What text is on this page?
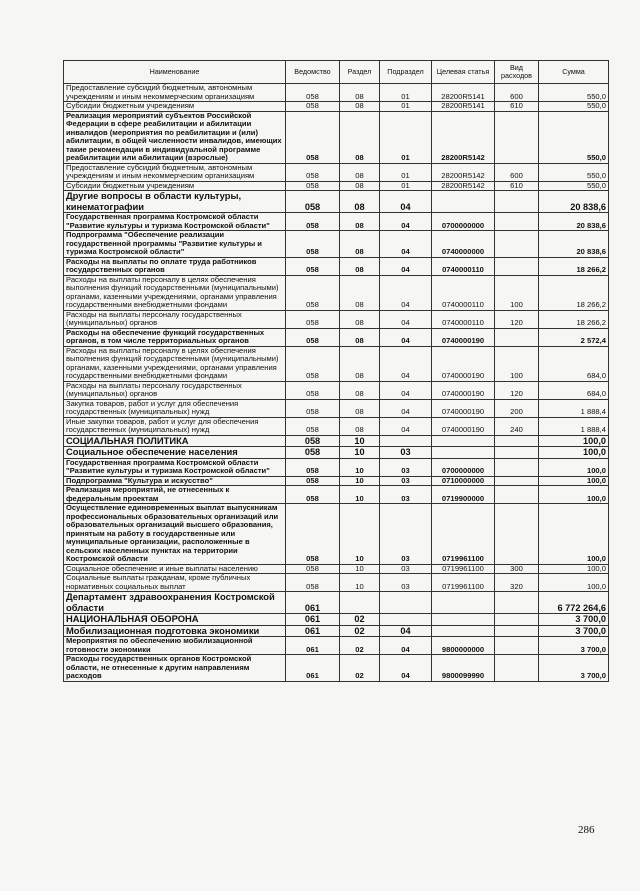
Наименование	Ведомство	Раздел	Подраздел	Целевая статья	Вид расходов	Сумма
Предоставление субсидий бюджетным, автономным учреждениям и иным некоммерческим организациям	058	08	01	28200R5141	600	550,0
Субсидии бюджетным учреждениям	058	08	01	28200R5141	610	550,0
Реализация мероприятий субъектов Российской Федерации в сфере реабилитации и абилитации инвалидов (мероприятия по реабилитации и (или) абилитации, в общей численности инвалидов, имеющих такие рекомендации в индивидуальной программе реабилитации или абилитации (взрослые)	058	08	01	28200R5142		550,0
Предоставление субсидий бюджетным, автономным учреждениям и иным некоммерческим организациям	058	08	01	28200R5142	600	550,0
Субсидии бюджетным учреждениям	058	08	01	28200R5142	610	550,0
Другие вопросы в области культуры, кинематографии	058	08	04			20 838,6
Государственная программа Костромской области "Развитие культуры и туризма Костромской области"	058	08	04	0700000000		20 838,6
Подпрограмма "Обеспечение реализации государственной программы "Развитие культуры и туризма Костромской области"	058	08	04	0740000000		20 838,6
Расходы на выплаты по оплате труда работников государственных органов	058	08	04	0740000110		18 266,2
Расходы на выплаты персоналу в целях обеспечения выполнения функций государственными (муниципальными) органами, казенными учреждениями, органами управления государственными внебюджетными фондами	058	08	04	0740000110	100	18 266,2
Расходы на выплаты персоналу государственных (муниципальных) органов	058	08	04	0740000110	120	18 266,2
Расходы на обеспечение функций государственных органов, в том числе территориальных органов	058	08	04	0740000190		2 572,4
Расходы на выплаты персоналу в целях обеспечения выполнения функций государственными (муниципальными) органами, казенными учреждениями, органами управления государственными внебюджетными фондами	058	08	04	0740000190	100	684,0
Расходы на выплаты персоналу государственных (муниципальных) органов	058	08	04	0740000190	120	684,0
Закупка товаров, работ и услуг для обеспечения государственных (муниципальных) нужд	058	08	04	0740000190	200	1 888,4
Иные закупки товаров, работ и услуг для обеспечения государственных (муниципальных) нужд	058	08	04	0740000190	240	1 888,4
СОЦИАЛЬНАЯ ПОЛИТИКА	058	10				100,0
Социальное обеспечение населения	058	10	03			100,0
Государственная программа Костромской области "Развитие культуры и туризма Костромской области"	058	10	03	0700000000		100,0
Подпрограмма "Культура и искусство"	058	10	03	0710000000		100,0
Реализация мероприятий, не отнесенных к федеральным проектам	058	10	03	0719900000		100,0
Осуществление единовременных выплат выпускникам профессиональных образовательных организаций или образовательных организаций высшего образования, принятым на работу в государственные или муниципальные организации, расположенные в сельских населенных пунктах на территории Костромской области	058	10	03	0719961100		100,0
Социальное обеспечение и иные выплаты населению	058	10	03	0719961100	300	100,0
Социальные выплаты гражданам, кроме публичных нормативных социальных выплат	058	10	03	0719961100	320	100,0
Департамент здравоохранения Костромской области	061					6 772 264,6
НАЦИОНАЛЬНАЯ ОБОРОНА	061	02				3 700,0
Мобилизационная подготовка экономики	061	02	04			3 700,0
Мероприятия по обеспечению мобилизационной готовности экономики	061	02	04	9800000000		3 700,0
Расходы государственных органов Костромской области, не отнесенные к другим направлениям расходов	061	02	04	9800099990		3 700,0
286
